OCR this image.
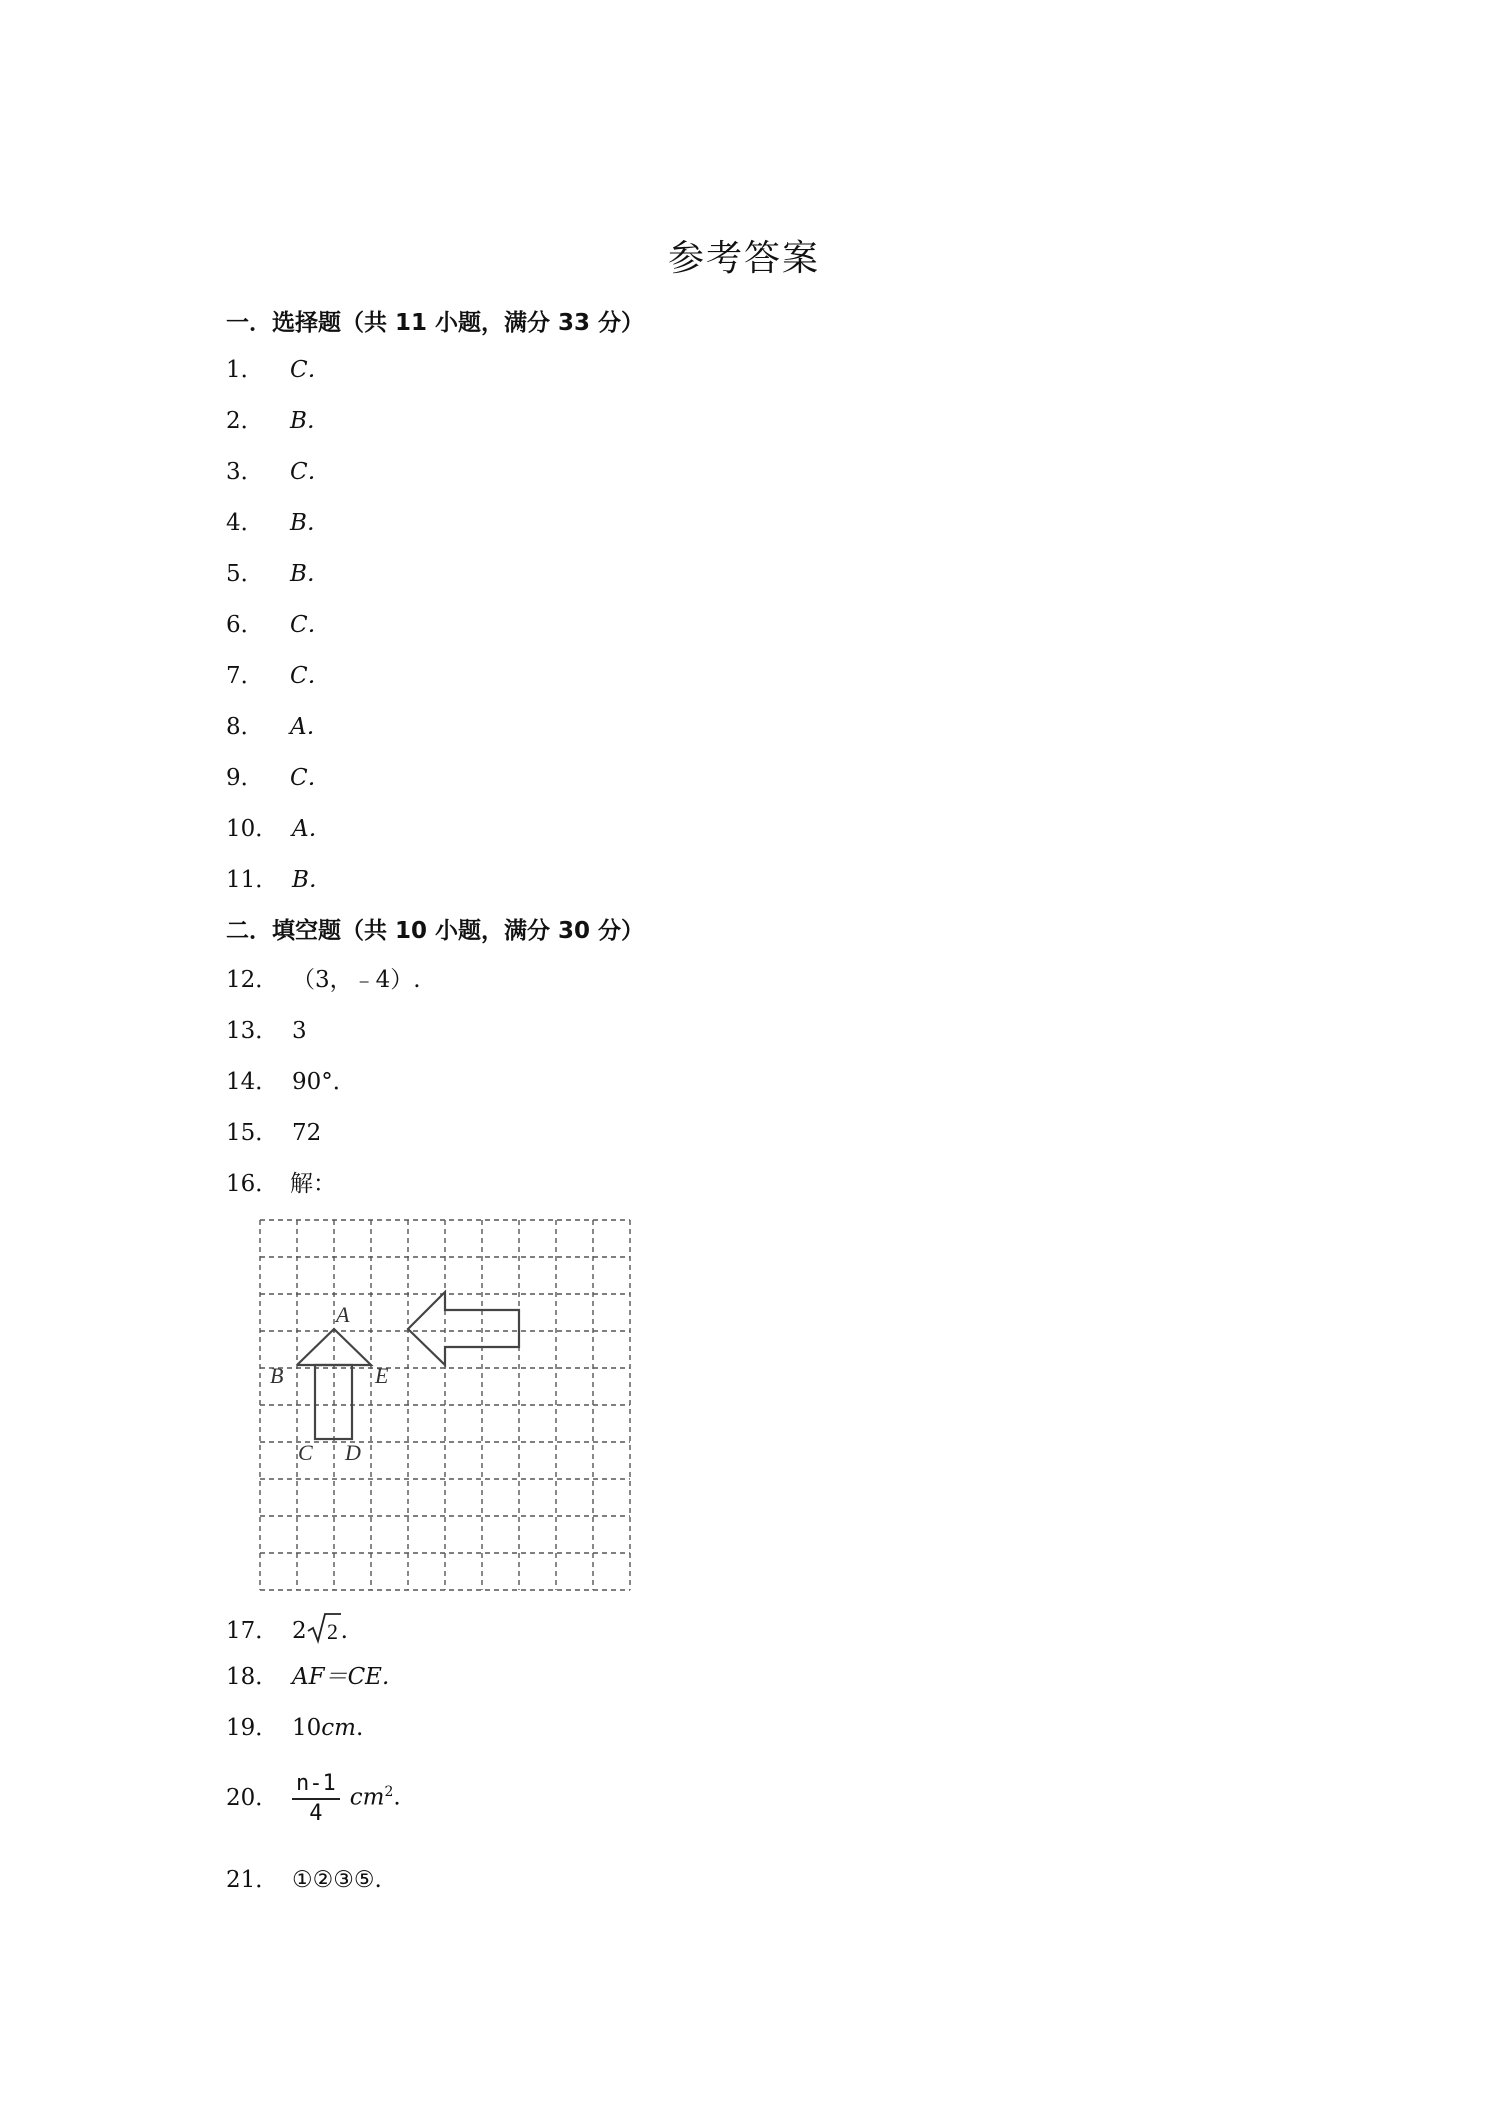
参考答案
一．选择题（共 11 小题，满分 33 分）
1． C．
2． B．
3． C．
4． B．
5． B．
6． C．
7． C．
8． A．
9． C．
10． A．
11． B．
二．填空题（共 10 小题，满分 30 分）
12． （3，﹣4）.
13． 3
14． 90°．
15． 72
16． 解：
A
B	E
C D
17． 2 2 .
18． AF＝CE.
19． 10cm.
20． $\frac{n-1}{4} cm^2$.
21． ①②③⑤.
